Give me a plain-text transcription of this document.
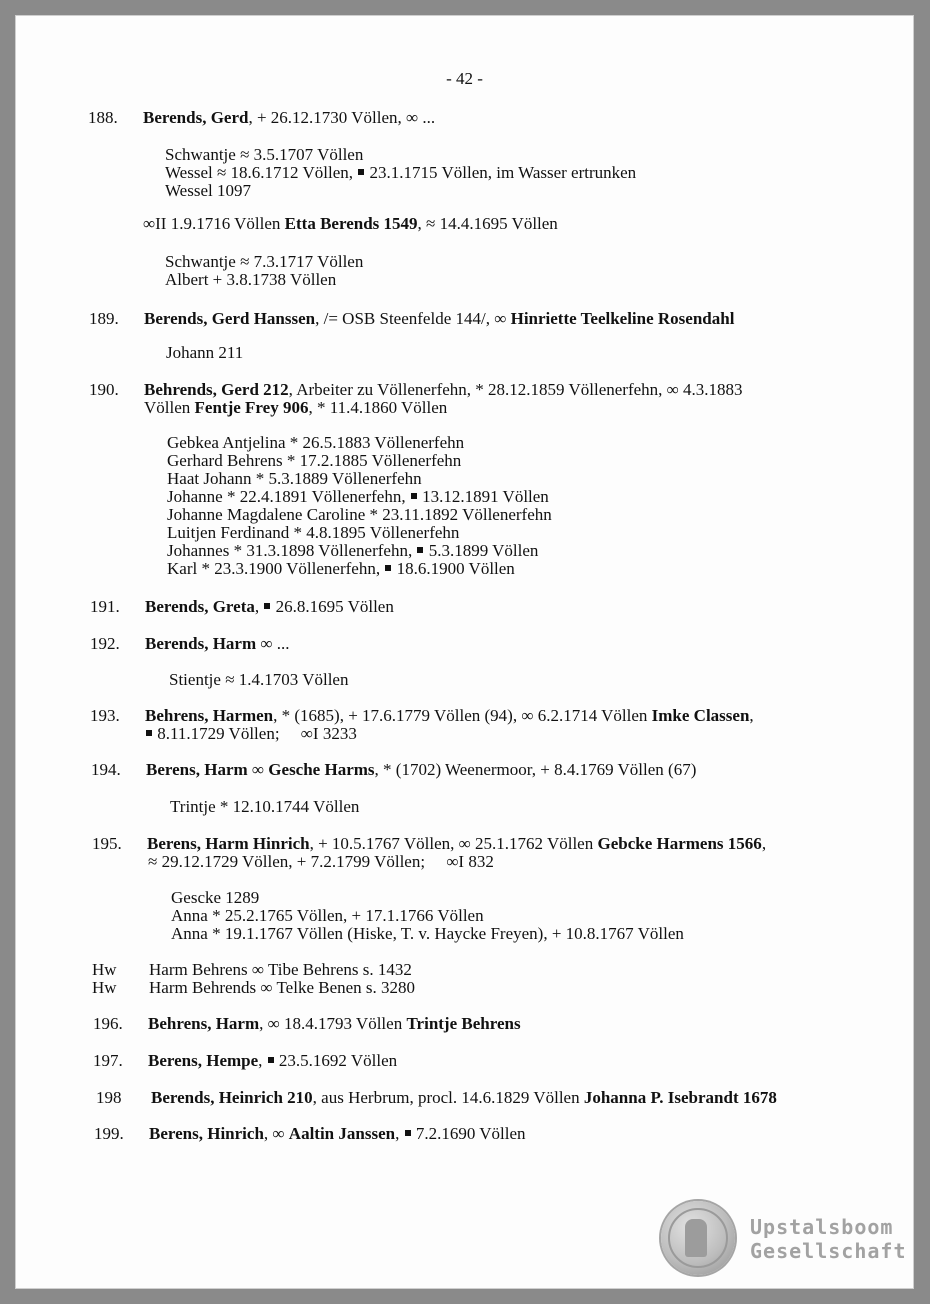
- 42 -
188.	Berends, Gerd, + 26.12.1730 Völlen, ∞ ...
Schwantje ≈ 3.5.1707 Völlen
Wessel ≈ 18.6.1712 Völlen, 23.1.1715 Völlen, im Wasser ertrunken
Wessel 1097
∞II 1.9.1716 Völlen Etta Berends 1549, ≈ 14.4.1695 Völlen
Schwantje ≈ 7.3.1717 Völlen
Albert + 3.8.1738 Völlen
189.	Berends, Gerd Hanssen, /= OSB Steenfelde 144/, ∞ Hinriette Teelkeline Rosendahl
Johann 211
190.	Behrends, Gerd 212, Arbeiter zu Völlenerfehn, * 28.12.1859 Völlenerfehn, ∞ 4.3.1883
Völlen Fentje Frey 906, * 11.4.1860 Völlen
Gebkea Antjelina * 26.5.1883 Völlenerfehn
Gerhard Behrens * 17.2.1885 Völlenerfehn
Haat Johann * 5.3.1889 Völlenerfehn
Johanne * 22.4.1891 Völlenerfehn, 13.12.1891 Völlen
Johanne Magdalene Caroline * 23.11.1892 Völlenerfehn
Luitjen Ferdinand * 4.8.1895 Völlenerfehn
Johannes * 31.3.1898 Völlenerfehn, 5.3.1899 Völlen
Karl * 23.3.1900 Völlenerfehn, 18.6.1900 Völlen
191.	Berends, Greta,  26.8.1695 Völlen
192.	Berends, Harm ∞ ...
Stientje ≈ 1.4.1703 Völlen
193.	Behrens, Harmen, * (1685), + 17.6.1779 Völlen (94), ∞ 6.2.1714 Völlen Imke Classen,
8.11.1729 Völlen;     ∞I 3233
194.	Berens, Harm ∞ Gesche Harms, * (1702) Weenermoor, + 8.4.1769 Völlen (67)
Trintje * 12.10.1744 Völlen
195.	Berens, Harm Hinrich, + 10.5.1767 Völlen, ∞ 25.1.1762 Völlen Gebcke Harmens 1566,
≈ 29.12.1729 Völlen, + 7.2.1799 Völlen;     ∞I 832
Gescke 1289
Anna * 25.2.1765 Völlen, + 17.1.1766 Völlen
Anna * 19.1.1767 Völlen (Hiske, T. v. Haycke Freyen), + 10.8.1767 Völlen
Hw	Harm Behrens ∞ Tibe Behrens s. 1432
Hw	Harm Behrends ∞ Telke Benen s. 3280
196.	Behrens, Harm, ∞ 18.4.1793 Völlen Trintje Behrens
197.	Berens, Hempe,  23.5.1692 Völlen
198	Berends, Heinrich 210, aus Herbrum, procl. 14.6.1829 Völlen Johanna P. Isebrandt 1678
199.	Berens, Hinrich, ∞ Aaltin Janssen,  7.2.1690 Völlen
Upstalsboom
Gesellschaft
